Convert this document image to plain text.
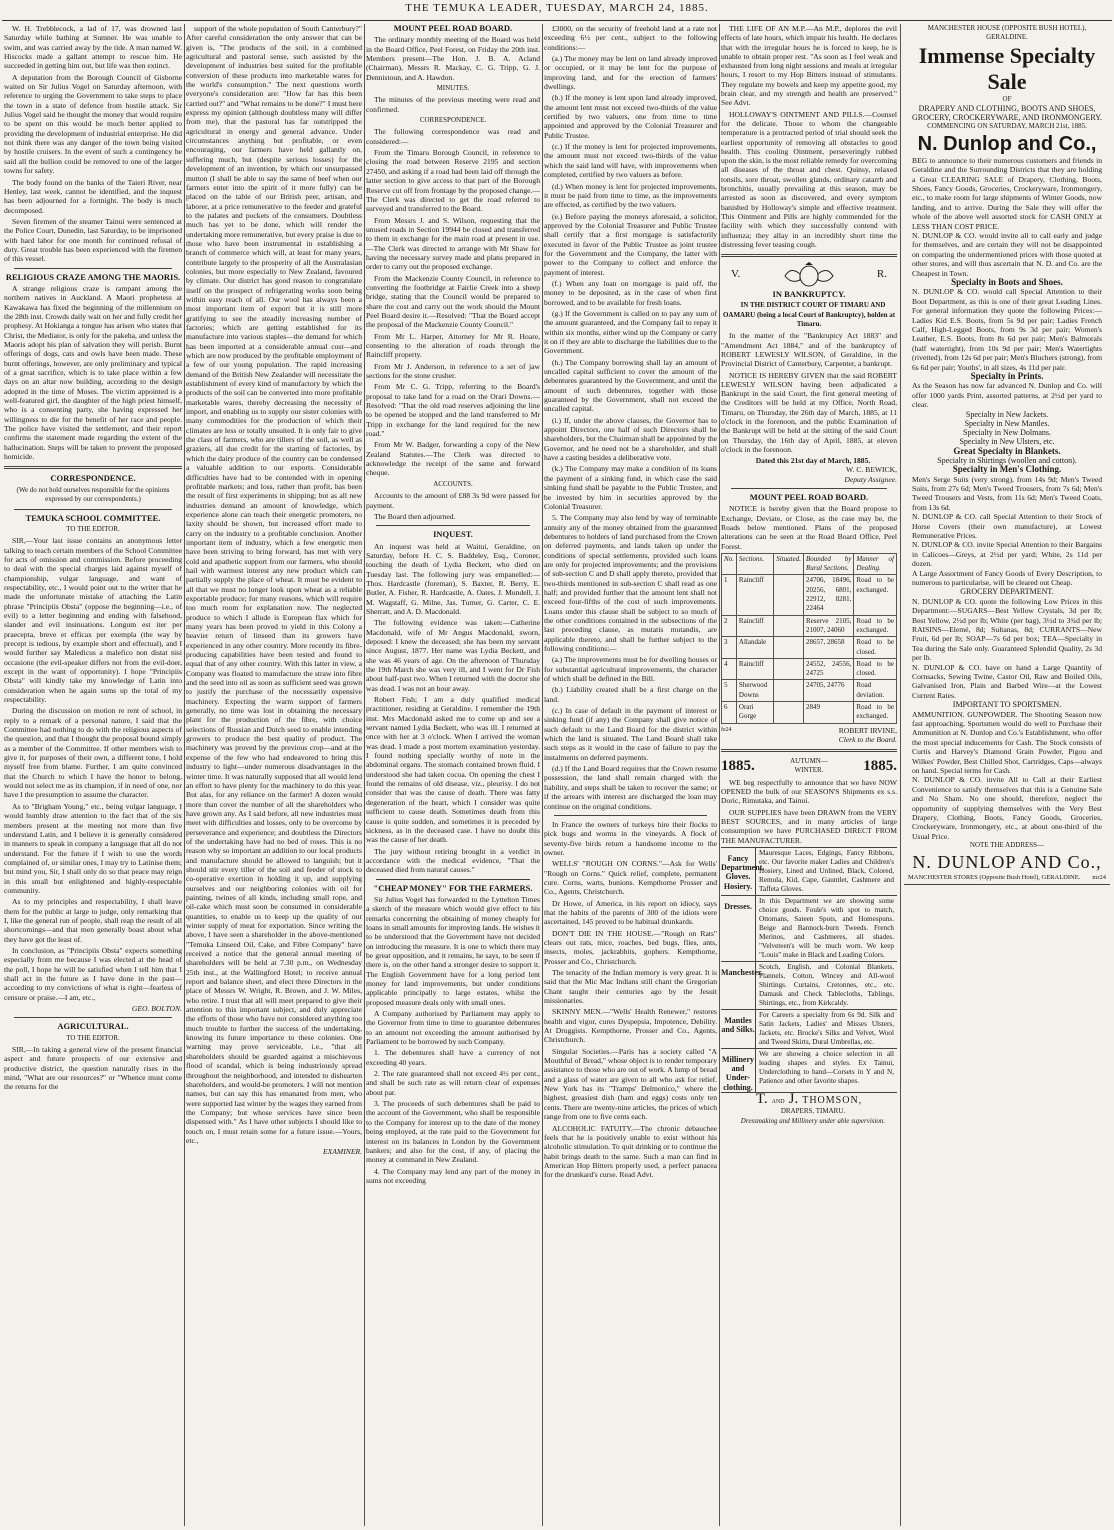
THE TEMUKA LEADER, TUESDAY, MARCH 24, 1885.

W. H. Trebblecock, a lad of 17, was drowned last Saturday while bathing at Sumner. He was unable to swim, and was carried away by the tide. A man named W. Hiscocks made a gallant attempt to rescue him. He succeeded in getting him out, but life was then extinct.

A deputation from the Borough Council of Gisborne waited on Sir Julius Vogel on Saturday afternoon, with reference to urging the Government to take steps to place the town in a state of defence from hostile attack. Sir Julius Vogel said he thought the money that would require to be spent on this would be much better applied to providing the development of industrial enterprise. He did not think there was any danger of the town being visited by hostile cruisers. In the event of such a contingency he said all the bullion could be removed to one of the larger towns for safety.

The body found on the banks of the Taieri River, near Henley, last week, cannot be identified, and the inquest has been adjourned for a fortnight. The body is much decomposed.

Seven firemen of the steamer Tainui were sentenced at the Police Court, Dunedin, last Saturday, to be imprisoned with hard labor for one month for continued refusal of duty. Great trouble has been experienced with the firemen of this vessel.

RELIGIOUS CRAZE AMONG THE MAORIS.

A strange religious craze is rampant among the northern natives in Auckland. A Maori prophetess at Kawakawa has fixed the beginning of the millennium on the 28th inst. Crowds daily wait on her and fully credit her prophesy. At Hokianga a tongue has arisen who states that Christ, the Mediator, is only for the pakeha, and unless the Maoris adopt his plan of salvation they will perish. Burnt offerings of dogs, cats and owls have been made. These burnt offerings, however, are only preliminary and typical of a great sacrifice, which is to take place within a few days on an altar now building, according to the design adopted in the time of Moses. The victim appointed is a well-featured girl, the daughter of the high priest himself, who is a consenting party, she having expressed her willingness to die for the benefit of her race and people. The police have visited the settlement, and their report confirms the statement made regarding the extent of the hallucination. Steps will be taken to prevent the proposed homicide.

CORRESPONDENCE.

(We do not hold ourselves responsible for the opinions expressed by our correspondents.)

TEMUKA SCHOOL COMMITTEE.

TO THE EDITOR.

SIR,—Your last issue contains an anonymous letter talking to teach certain members of the School Committee for acts of omission and commission. Before proceeding to deal with the special charges laid against myself of championship, vulgar language, and want of respectability, etc., I would point out to the writer that he made the unfortunate mistake of attaching the Latin phrase "Principiis Obsta" (oppose the beginning—i.e., of evil) to a letter beginning and ending with falsehood, slander and evil insinuations. Longum est iter per praecepta, breve et efficax per exempla (the way by precept is tedious, by example short and effectual), and I would further say Maledicus a malefico non distat nisi occasione (the evil-speaker differs not from the evil-doer, except in the want of opportunity). I hope "Principiis Obsta" will kindly take my knowledge of Latin into consideration when he again sums up the total of my respectability.

During the discussion on motion re rent of school, in reply to a remark of a personal nature, I said that the Committee had nothing to do with the religious aspects of the question, and that I thought the proposal bound simply as a member of the Committee. If other members wish to give it, for purposes of their own, a different tone, I hold myself free from blame. Further, I am quite convinced that the Church to which I have the honor to belong, would not select me as its champion, if in need of one, nor have I the presumption to assume the character.

As to "Brigham Young," etc., being vulgar language, I would humbly draw attention to the fact that of the six members present at the meeting not more than five understand Latin, and I believe it is generally considered in manners to speak in company a language that all do not understand. For the future if I wish to use the words complained of, or similar ones, I may try to Latinise them; but mind you, Sir, I shall only do so that peace may reign in this small but enlightened and highly-respectable community.

As to my principles and respectability, I shall leave them for the public at large to judge, only remarking that I, like the general run of people, shall reap the result of all shortcomings—and that men generally boast about what they have got the least of.

In conclusion, as "Principiis Obsta" expects something especially from me because I was elected at the head of the poll, I hope he will be satisfied when I tell him that I shall act in the future as I have done in the past—according to my convictions of what is right—fearless of censure or praise.—I am, etc.,

GEO. BOLTON.

AGRICULTURAL.

TO THE EDITOR.

SIR,—In taking a general view of the present financial aspect and future prospects of our extensive and productive district, the question naturally rises in the mind, "What are our resources?" or "Whence must come the returns for the

support of the whole population of South Canterbury?" After careful consideration the only answer that can be given is, "The products of the soil, in a combined agricultural and pastoral sense, such assisted by the development of industries best suited for the profitable conversion of these products into marketable wares for the world's consumption." The next questions worth everyone's consideration are: "How far has this been carried out?" and "What remains to be done?" I must here express my opinion (although doubtless many will differ from me), that the pastoral has far outstripped the agricultural in energy and general advance. Under circumstances anything but profitable, or even encouraging, our farmers have held gallantly on, suffering much, but (despite serious losses) for the development of an invention, by which our unsurpassed mutton (I shall be able to say the same of beef when our farmers enter into the spirit of it more fully) can be placed on the table of our British peer, artisan, and laborer, at a price remunerative to the feeder and grateful to the palates and pockets of the consumers. Doubtless much has yet to be done, which will render the undertaking more remunerative, but every praise is due to those who have been instrumental in establishing a branch of commerce which will, at least for many years, contribute largely to the prosperity of all the Australasian colonies, but more especially to New Zealand, favoured by climate. Our district has good reason to congratulate itself on the prospect of refrigerating works soon being within easy reach of all. Our wool has always been a most important item of export but it is still more gratifying to see the steadily increasing number of factories; which are getting established for its manufacture into various staples—the demand for which has been imported at a considerable annual cost—and which are now produced by the profitable employment of a few of our young population. The rapid increasing demand of the British New Zealander will necessitate the establishment of every kind of manufactory by which the products of the soil can be converted into more profitable marketable wares, thereby decreasing the necessity of import, and enabling us to supply our sister colonies with many commodities for the production of which their climates are less or totally unsuited. It is only fair to give the class of farmers, who are tillers of the soil, as well as graziers, all due credit for the starting of factories, by which the dairy produce of the country can be condensed a valuable addition to our exports. Considerable difficulties have had to be contended with in opening profitable markets; and loss, rather than profit, has been the result of first experiments in shipping; but as all new industries demand an amount of knowledge, which experience alone can teach their energetic promoters, no laxity should be shown, but increased effort made to carry on the industry to a profitable conclusion. Another important item of industry, which a few energetic men have been striving to bring forward, has met with very cold and apathetic support from our farmers, who should hail with warmest interest any new product which can partially supply the place of wheat. It must be evident to all that we must no longer look upon wheat as a reliable exportable produce; for many reasons, which will require too much room for explanation now. The neglected produce to which I allude is European flax which for many years has been proved to yield in this Colony a heavier return of linseed than its growers have experienced in any other country. More recently its fibre-producing capabilities have been tested and found to equal that of any other country. With this latter in view, a Company was floated to manufacture the straw into fibre and the seed into oil as soon as sufficient seed was grown to justify the purchase of the necessarily expensive machinery. Expecting the warm support of farmers generally, no time was lost in obtaining the necessary plant for the production of the fibre, with choice selections of Russian and Dutch seed to enable intending growers to produce the best quality of product. The machinery was proved by the previous crop—and at the expense of the few who had endeavored to bring this industry to light—under numerous disadvantages in the winter time. It was naturally supposed that all would lend an effort to have plenty for the machinery to do this year. But alas, for any reliance on the farmer! A dozen would more than cover the number of all the shareholders who have grown any. As I said before, all new industries must meet with difficulties and losses, only to be overcome by perseverance and experience; and doubtless the Directors of the undertaking have had no bed of roses. This is no reason why so important an addition to our local products and manufacture should be allowed to languish; but it should stir every tiller of the soil and feeder of stock to co-operative exertion in holding it up, and supplying ourselves and our neighboring colonies with oil for painting, twines of all kinds, including small rope, and oil-cake which must soon be consumed in considerable quantities, to enable us to keep up the quality of our winter supply of meat for exportation. Since writing the above, I have seen a shareholder in the above-mentioned "Temuka Linseed Oil, Cake, and Fibre Company" have received a notice that the general annual meeting of shareholders will be held at 7.30 p.m., on Wednesday 25th inst., at the Wallingford Hotel; to receive annual report and balance sheet, and elect three Directors in the place of Messrs W. Wright, R. Brown, and J. W. Miles, who retire. I trust that all will meet prepared to give their attention to this important subject, and duly appreciate the efforts of those who have not considered anything too much trouble to further the success of the undertaking, knowing its future importance to these colonies. One warning may prove serviceable, i.e., "that all shareholders should be guarded against a mischievous flood of scandal, which is being industriously spread throughout the neighborhood, and intended to dishearten shareholders, and would-be promoters. I will not mention names, but can say this has emanated from men, who were supported last winter by the wages they earned from the Company; but whose services have since been dispensed with." As I have other subjects I should like to touch on, I must retain some for a future issue.—Yours, etc.,

EXAMINER.

MOUNT PEEL ROAD BOARD.

The ordinary monthly meeting of the Board was held in the Board Office, Peel Forest, on Friday the 20th inst. Members present—The Hon. J. B. A. Acland (Chairman), Messrs R. Mackay, C. G. Tripp, G. J. Dennistoun, and A. Hawdon.

MINUTES.

The minutes of the previous meeting were read and confirmed.

CORRESPONDENCE.

The following correspondence was read and considered:—

From the Timaru Borough Council, in reference to closing the road between Reserve 2195 and section 27450, and asking if a road had been laid off through the latter section to give access to that part of the Borough Reserve cut off from frontage by the proposed change.—The Clerk was directed to get the road referred to surveyed and transferred to the Board.

From Messrs J. and S. Wilson, requesting that the unused roads in Section 19944 be closed and transferred to them in exchange for the main road at present in use.—The Clerk was directed to arrange with Mr Shaw for having the necessary survey made and plans prepared in order to carry out the proposed exchange.

From the Mackenzie County Council, in reference to converting the footbridge at Fairlie Creek into a sheep bridge, stating that the Council would be prepared to share the cost and carry out the work should the Mount Peel Board desire it.—Resolved: "That the Board accept the proposal of the Mackenzie County Council."

From Mr L. Harper, Attorney for Mr R. Hoare, consenting to the alteration of roads through the Raincliff property.

From Mr J. Anderson, in reference to a set of jaw sections for the stone crusher.

From Mr C. G. Tripp, referring to the Board's proposal to take land for a road on the Orari Downs.—Resolved: "That the old road reserves adjoining the line to be opened be stopped and the land transferred to Mr Tripp in exchange for the land required for the new road."

From Mr W. Badger, forwarding a copy of the New Zealand Statutes.—The Clerk was directed to acknowledge the receipt of the same and forward cheque.

ACCOUNTS.

Accounts to the amount of £88 3s 9d were passed for payment.

The Board then adjourned.

INQUEST.

An inquest was held at Waitui, Geraldine, on Saturday, before H. C. S. Baddeley, Esq., Coroner, touching the death of Lydia Beckett, who died on Tuesday last. The following jury was empanelled:—Thos. Hardcastle (foreman), S. Baxter, R. Berry, E. Butler, A. Fisher, R. Hardcastle, A. Oates, J. Mundell, J. M. Wagstaff, G. Milne, Jas. Turner, G. Carter, C. E. Sherratt, and A. D. Macdonald.

The following evidence was taken:—Catherine Macdonald, wife of Mr Angus Macdonald, sworn, deposed: I knew the deceased; she has been my servant since August, 1877. Her name was Lydia Beckett, and she was 46 years of age. On the afternoon of Thursday the 19th March she was very ill, and I went for Dr Fish about half-past two. When I returned with the doctor she was dead. I was not an hour away.

Robert Fish; I am a duly qualified medical practitioner, residing at Geraldine. I remember the 19th inst. Mrs Macdonald asked me to come up and see a servant named Lydia Beckett, who was ill. I returned at once with her at 3 o'clock. When I arrived the woman was dead. I made a post mortem examination yesterday. I found nothing specially worthy of note in the abdominal organs. The stomach contained brown fluid. I understood she had taken cocoa. On opening the chest I found the remains of old disease, viz., pleurisy. I do not consider that was the cause of death. There was fatty degeneration of the heart, which I consider was quite sufficient to cause death. Sometimes death from this cause is quite sudden, and sometimes it is preceded by sickness, as in the deceased case. I have no doubt this was the cause of her death.

The jury without retiring brought in a verdict in accordance with the medical evidence, "That the deceased died from natural causes."

"CHEAP MONEY" FOR THE FARMERS.

Sir Julius Vogel has forwarded to the Lyttelton Times a sketch of the measure which would give effect to his remarks concerning the obtaining of money cheaply for loans in small amounts for improving lands. He wishes it to be understood that the Government have not decided on introducing the measure. It is one to which there may be great opposition, and it remains, he says, to be seen if there is, on the other hand a stronger desire to support it. The English Government have for a long period lent money for land improvements, but under conditions applicable principally to large estates, whilst the proposed measure deals only with small ones.

A Company authorised by Parliament may apply to the Governor from time to time to guarantee debentures to an amount not exceeding the amount authorised by Parliament to be borrowed by such Company.

1. The debentures shall have a currency of not exceeding 40 years.

2. The rate guaranteed shall not exceed 4½ per cent., and shall be such rate as will return clear of expenses about par.

3. The proceeds of such debentures shall be paid to the account of the Government, who shall be responsible to the Company for interest up to the date of the money being employed, at the rate paid to the Government for interest on its balances in London by the Government bankers; and also for the cost, if any, of placing the money at command in New Zealand.

4. The Company may lend any part of the money in sums not exceeding

£3000, on the security of freehold land at a rate not exceeding 6½ per cent., subject to the following conditions:—

(a.) The money may be lent on land already improved or occupied, or it may be lent for the purpose of improving land, and for the erection of farmers' dwellings.

(b.) If the money is lent upon land already improved, the amount lent must not exceed two-thirds of the value certified by two valuers, one from time to time appointed and approved by the Colonial Treasurer and Public Trustee.

(c.) If the money is lent for projected improvements, the amount must not exceed two-thirds of the value which the said land will have, with improvements when completed, certified by two valuers as before.

(d.) When money is lent for projected improvements, it must be paid from time to time, as the improvements are effected, as certified by the two valuers.

(e.) Before paying the moneys aforesaid, a solicitor, approved by the Colonial Treasurer and Public Trustee shall certify that a first mortgage is satisfactorily executed in favor of the Public Trustee as joint trustee for the Government and the Company, the latter with power to the Company to collect and enforce the payment of interest.

(f.) When any loan on mortgage is paid off, the money to be deposited, as in the case of when first borrowed, and to be available for fresh loans.

(g.) If the Government is called on to pay any sum of the amount guaranteed, and the Company fail to repay it within six months, either wind up the Company or carry it on if they are able to discharge the liabilities due to the Government.

(h.) The Company borrowing shall lay an amount of uncalled capital sufficient to cover the amount of the debentures guaranteed by the Government, and until the amount of such debentures, together with those guaranteed by the Government, shall not exceed the uncalled capital.

(i.) If, under the above clauses, the Governor has to appoint Directors, one half of such Directors shall be shareholders, but the Chairman shall be appointed by the Governor, and he need not be a shareholder, and shall have a casting besides a deliberative vote.

(k.) The Company may make a condition of its loans the payment of a sinking fund, in which case the said sinking fund shall be payable to the Public Trustee, and be invested by him in securities approved by the Colonial Treasurer.

5. The Company may also lend by way of terminable annuity any of the money obtained from the guaranteed debentures to holders of land purchased from the Crown on deferred payments, and lands taken up under the conditions of special settlements, provided such loans are only for projected improvements; and the provisions of sub-section C and D shall apply thereto, provided that two-thirds mentioned in sub-section C shall read as one half; and provided further that the amount lent shall not exceed four-fifths of the cost of such improvements. Loans under this clause shall be subject to so much of the other conditions contained in the subsections of the last preceding clause, as mutatis mutandis, are applicable thereto, and shall be further subject to the following conditions:—

(a.) The improvements must be for dwelling houses or for substantial agricultural improvements, the character of which shall be defined in the Bill.

(b.) Liability created shall be a first charge on the land.

(c.) In case of default in the payment of interest or sinking fund (if any) the Company shall give notice of such default to the Land Board for the district within which the land is situated. The Land Board shall take such steps as it would in the case of failure to pay the instalments on deferred payments.

(d.) If the Land Board requires that the Crown resume possession, the land shall remain charged with the liability, and steps shall be taken to recover the same; or if the arrears with interest are discharged the loan may continue on the original conditions.

In France the owners of turkeys hire their flocks to pick bugs and worms in the vineyards. A flock of seventy-five birds return a handsome income to the owner.

WELLS' "ROUGH ON CORNS."—Ask for Wells' "Rough on Corns." Quick relief, complete, permanent cure. Corns, warts, bunions. Kempthorne Prosser and Co., Agents, Christchurch.

Dr Howe, of America, in his report on idiocy, says that the habits of the parents of 300 of the idiots were ascertained, 145 proved to be habitual drunkards.

DON'T DIE IN THE HOUSE.—"Rough on Rats" clears out rats, mice, roaches, bed bugs, flies, ants, insects, moles, jackrabbits, gophers. Kempthorne, Prosser and Co., Christchurch.

The tenacity of the Indian memory is very great. It is said that the Mic Mac Indians still chant the Gregorian Chant taught their centuries ago by the Jesuit missionaries.

SKINNY MEN.—"Wells' Health Renewer," restores health and vigor, cures Dyspepsia, Impotence, Debility. At Druggists. Kempthorne, Prosser and Co., Agents, Christchurch.

Singular Societies.—Paris has a society called "A Mouthful of Bread," whose object is to render temporary assistance to those who are out of work. A lump of bread and a glass of water are given to all who ask for relief. New York has its "Tramps' Delmonico," where the highest, greasiest dish (ham and eggs) costs only ten cents. There are twenty-nine articles, the prices of which range from one to five cents each.

ALCOHOLIC FATUITY.—The chronic debauchee feels that he is positively unable to exist without his alcoholic stimulation. To quit drinking or to continue the habit brings death to the same. Such a man can find in American Hop Bitters properly used, a perfect panacea for the drunkard's curse. Read Advt.

THE LIFE OF AN M.P.—An M.P., deplores the evil effects of late hours, which impair his health. He declares that with the irregular hours he is forced to keep, he is unable to obtain proper rest. "As soon as I feel weak and exhausted from long night sessions and meals at irregular hours, I resort to my Hop Bitters instead of stimulants. They regulate my bowels and keep my appetite good, my brain clear, and my strength and health are preserved." See Advt.

HOLLOWAY'S OINTMENT AND PILLS.—Counsel for the delicate. Those to whom the changeable temperature is a protracted period of trial should seek the earliest opportunity of removing all obstacles to good health. This cooling Ointment, perseveringly rubbed upon the skin, is the most reliable remedy for overcoming all diseases of the throat and chest. Quinsy, relaxed tonsils, sore throat, swollen glands, ordinary catarrh and bronchitis, usually prevailing at this season, may be arrested as soon as discovered, and every symptom banished by Holloway's simple and effective treatment. This Ointment and Pills are highly commended for the facility with which they successfully contend with influenza; they allay in an incredibly short time the distressing fever teasing cough.

V.	R.

IN BANKRUPTCY.

IN THE DISTRICT COURT OF TIMARU AND OAMARU (being a local Court of Bankruptcy), holden at Timaru.

In the matter of the "Bankruptcy Act 1883" and "Amendment Act 1884," and of the bankruptcy of ROBERT LEWESLY WILSON, of Geraldine, in the Provincial District of Canterbury, Carpenter, a bankrupt.

NOTICE IS HEREBY GIVEN that the said ROBERT LEWESLY WILSON having been adjudicated a Bankrupt in the said Court, the first general meeting of the Creditors will be held at my Office, North Road, Timaru, on Thursday, the 26th day of March, 1885, at 11 o'clock in the forenoon, and the public Examination of the Bankrupt will be held at the sitting of the said Court on Thursday, the 16th day of April, 1885, at eleven o'clock in the forenoon.

Dated this 21st day of March, 1885.

W. C. BEWICK,

Deputy Assignee.

MOUNT PEEL ROAD BOARD.

NOTICE is hereby given that the Board propose to Exchange, Deviate, or Close, as the case may be, the Roads below mentioned. Plans of the proposed alterations can be seen at the Road Board Office, Peel Forest.

No.	Sections.	Situated.	Bounded by Rural Sections.	Manner of Dealing.
1	Raincliff		24706, 18496, 20256, 6801, 22912, 8281, 22464	Road to be exchanged.
2	Raincliff		Reserve 2105, 21007, 24060	Road to be exchanged.
3	Allandale		28657, 28658	Road to be closed.
4	Raincliff		24552, 24556, 24725	Road to be closed.
5	Sherwood Downs		24705, 24776	Road deviation.
6	Orari Gorge		2849	Road to be exchanged.
fe24	ROBERT IRVINE,

Clerk to the Board.

1885.	AUTUMN—WINTER.	1885.

WE beg respectfully to announce that we have NOW OPENED the bulk of our SEASON'S Shipments ex s.s. Doric, Rimutaka, and Tainui.

OUR SUPPLIES have been DRAWN from the VERY BEST SOURCES, and in many articles of large consumption we have PURCHASED DIRECT FROM THE MANUFACTURER.

Fancy Department. Gloves. Hosiery.
Mauresque Laces, Edgings, Fancy Ribbons, etc. Our favorite maker Ladies and Children's Hosiery, Lined and Unlined, Black, Colored, Remula, Kid, Cape, Gauntlet, Cashmere and Taffeta Gloves.
Dresses.
In this Department we are showing some choice goods. Foule's with spot to match, Ottomans, Sateen Spots, and Homespuns. Beige and Bannock-burn Tweeds. French Merinos, and Cashmeres, all shades. "Velveteen's will be much worn. We keep "Louis" make in Black and Leading Colors.
Manchester.
Scotch, English, and Colonial Blankets, Flannels, Cotton, Wincey and All-wool Shirtings. Curtains, Cretonnes, etc., etc. Damask and Check Tablecloths, Tablings, Shirtings, etc., from Kirkcaldy.
Mantles and Silks.
For Careers a specialty from 6s 9d. Silk and Satin Jackets, Ladies' and Misses Ulsters, Jackets, etc. Brocke's Silks and Velvet, Wool and Tweed Skirts, Dural Umbrellas, etc.
Millinery and Under-clothing.
We are showing a choice selection in all leading shapes and styles. Ex Tainui, Underclothing to hand—Corsets in Y and N, Patience and other favorite shapes.
T. AND J. THOMSON,

DRAPERS, TIMARU.

Dressmaking and Millinery under able supervision.

MANCHESTER HOUSE (OPPOSITE BUSH HOTEL), GERALDINE.
Immense Specialty Sale
OF
DRAPERY AND CLOTHING, BOOTS AND SHOES, GROCERY, CROCKERYWARE, AND IRONMONGERY.
COMMENCING ON SATURDAY, MARCH 21st, 1885.
N. Dunlop and Co.,
BEG to announce to their numerous customers and friends in Geraldine and the Surrounding Districts that they are holding a Great CLEARING SALE of Drapery, Clothing, Boots, Shoes, Fancy Goods, Groceries, Crockeryware, Ironmongery, etc., to make room for large shipments of Winter Goods, now landing, and to arrive. During the Sale they will offer the whole of the above well assorted stock for CASH ONLY at LESS THAN COST PRICE.
N. DUNLOP & CO. would invite all to call early and judge for themselves, and are certain they will not be disappointed on comparing the undermentioned prices with those quoted at other stores, and will thus ascertain that N. D. and Co. are the Cheapest in Town.
Specialty in Boots and Shoes.
N. DUNLOP & CO. would call Special Attention to their Boot Department, as this is one of their great Leading Lines. For general information they quote the following Prices:—Ladies Kid E.S. Boots, from 5s 9d per pair; Ladies French Calf, High-Legged Boots, from 9s 3d per pair; Women's Leather, E.S. Boots, from 8s 6d per pair; Men's Balmorals (half watertight), from 10s 9d per pair; Men's Watertights (rivetted), from 12s 6d per pair; Men's Bluchers (strong), from 6s 6d per pair; Youths', in all sizes, 4s 11d per pair.
Specialty in Prints.
As the Season has now far advanced N. Dunlop and Co. will offer 1000 yards Print, assorted patterns, at 2½d per yard to clear.
Specialty in New Jackets.
Specialty in New Mantles.
Specialty in New Dolmans.
Specialty in New Ulsters, etc.
Great Specialty in Blankets.
Specialty in Shirtings (woollen and cotton).
Specialty in Men's Clothing.
Men's Serge Suits (very strong), from 14s 9d; Men's Tweed Suits, from 27s 6d; Men's Tweed Trousers, from 7s 6d; Men's Tweed Trousers and Vests, from 11s 6d; Men's Tweed Coats, from 13s 6d.
N. DUNLOP & CO. call Special Attention to their Stock of Horse Covers (their own manufacture), at Lowest Remunerative Prices.
N. DUNLOP & CO. invite Special Attention to their Bargains in Calicoes—Greys, at 2½d per yard; White, 2s 11d per dozen.
A Large Assortment of Fancy Goods of Every Description, to numerous to particularise, will be cleared out Cheap.
GROCERY DEPARTMENT.
N. DUNLOP & CO. quote the following Low Prices in this Department:—SUGARS—Best Yellow Crystals, 3d per lb; Best Yellow, 2½d per lb; White (per bag), 3½d to 3¾d per lb; RAISINS—Elemé, 8d; Sultanas, 8d; CURRANTS—New Fruit, 6d per lb; SOAP—7s 6d per box; TEA—Specialty in Tea during the Sale only. Guaranteed Splendid Quality, 2s 3d per lb.
N. DUNLOP & CO. have on hand a Large Quantity of Cornsacks, Sewing Twine, Castor Oil, Raw and Boiled Oils, Galvanised Iron, Plain and Barbed Wire—at the Lowest Current Rates.
IMPORTANT TO SPORTSMEN.
AMMUNITION. GUNPOWDER. The Shooting Season now fast approaching, Sportsmen would do well to Purchase their Ammunition at N. Dunlop and Co.'s Establishment, who offer the most special inducements for Cash. The Stock consists of Curtis and Harvey's Diamond Grain Powder, Pigou and Wilkes' Powder, Best Chilled Shot, Cartridges, Caps—always on hand. Special terms for Cash.
N. DUNLOP & CO. invite All to Call at their Earliest Convenience to satisfy themselves that this is a Genuine Sale and No Sham. No one should, therefore, neglect the opportunity of supplying themselves with the Very Best Drapery, Clothing, Boots, Fancy Goods, Groceries, Crockeryware, Ironmongery, etc., at about one-third of the Usual Price.
NOTE THE ADDRESS—
N. DUNLOP AND Co.,
MANCHESTER STORES (Opposite Bush Hotel), GERALDINE. mr24
